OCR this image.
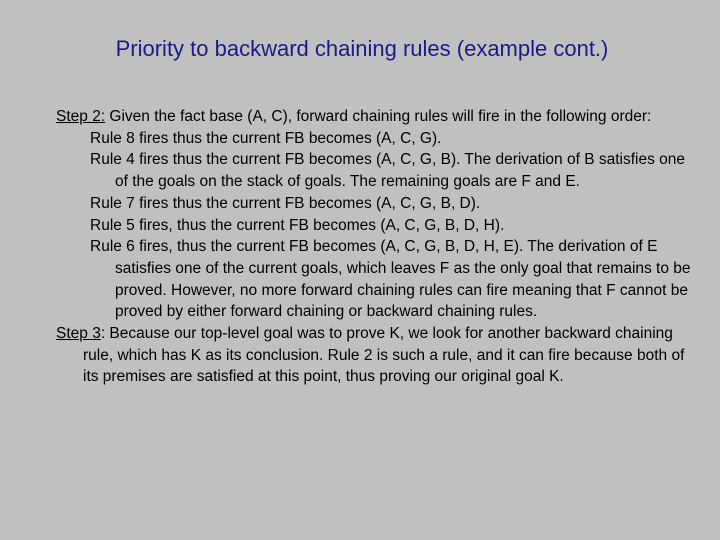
Priority to backward chaining rules (example cont.)

Step 2: Given the fact base (A, C), forward chaining rules will fire in the following order:

Rule 8 fires thus the current FB becomes (A, C, G).

Rule 4 fires thus the current FB becomes (A, C, G, B). The derivation of B satisfies one of the goals on the stack of goals. The remaining goals are F and E.

Rule 7 fires thus the current FB becomes (A, C, G, B, D).

Rule 5 fires, thus the current FB becomes (A, C, G, B, D, H).

Rule 6 fires, thus the current FB becomes (A, C, G, B, D, H, E). The derivation of E satisfies one of the current goals, which leaves F as the only goal that remains to be proved. However, no more forward chaining rules can fire meaning that F cannot be proved by either forward chaining or backward chaining rules.

Step 3: Because our top-level goal was to prove K, we look for another backward chaining rule, which has K as its conclusion. Rule 2 is such a rule, and it can fire because both of its premises are satisfied at this point, thus proving our original goal K.
